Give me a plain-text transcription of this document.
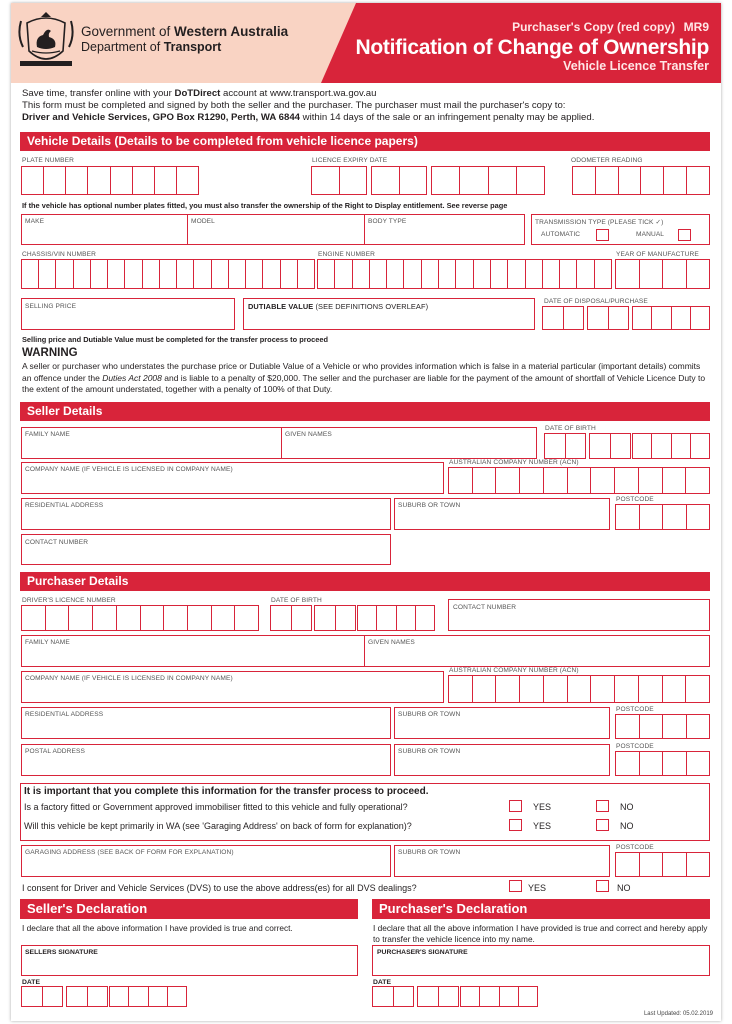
Government of Western Australia
Department of Transport
Purchaser's Copy (red copy) MR9
Notification of Change of Ownership
Vehicle Licence Transfer
Save time, transfer online with your DoTDirect account at www.transport.wa.gov.au
This form must be completed and signed by both the seller and the purchaser. The purchaser must mail the purchaser's copy to:
Driver and Vehicle Services, GPO Box R1290, Perth, WA 6844 within 14 days of the sale or an infringement penalty may be applied.
Vehicle Details (Details to be completed from vehicle licence papers)
PLATE NUMBER	LICENCE EXPIRY DATE	ODOMETER READING
If the vehicle has optional number plates fitted, you must also transfer the ownership of the Right to Display entitlement. See reverse page
MAKE	MODEL	BODY TYPE	TRANSMISSION TYPE (PLEASE TICK ✓)
AUTOMATIC	MANUAL
CHASSIS/VIN NUMBER	ENGINE NUMBER	YEAR OF MANUFACTURE
SELLING PRICE	DUTIABLE VALUE (SEE DEFINITIONS OVERLEAF)
DATE OF DISPOSAL/PURCHASE
Selling price and Dutiable Value must be completed for the transfer process to proceed
WARNING
A seller or purchaser who understates the purchase price or Dutiable Value of a Vehicle or who provides information which is false in a material particular (important details) commits an offence under the Duties Act 2008 and is liable to a penalty of $20,000. The seller and the purchaser are liable for the payment of the amount of shortfall of Vehicle Licence Duty to the extent of the amount understated, together with a penalty of 100% of that Duty.
Seller Details
FAMILY NAME	GIVEN NAMES
DATE OF BIRTH
COMPANY NAME (IF VEHICLE IS LICENSED IN COMPANY NAME)
AUSTRALIAN COMPANY NUMBER (ACN)
RESIDENTIAL ADDRESS	SUBURB OR TOWN
POSTCODE
CONTACT NUMBER
Purchaser Details
DRIVER'S LICENCE NUMBER	DATE OF BIRTH
CONTACT NUMBER
FAMILY NAME	GIVEN NAMES
COMPANY NAME (IF VEHICLE IS LICENSED IN COMPANY NAME)
AUSTRALIAN COMPANY NUMBER (ACN)
RESIDENTIAL ADDRESS	SUBURB OR TOWN
POSTCODE
POSTAL ADDRESS	SUBURB OR TOWN
POSTCODE
It is important that you complete this information for the transfer process to proceed.
Is a factory fitted or Government approved immobiliser fitted to this vehicle and fully operational?	YES	NO
Will this vehicle be kept primarily in WA (see 'Garaging Address' on back of form for explanation)?	YES	NO
GARAGING ADDRESS (SEE BACK OF FORM FOR EXPLANATION)	SUBURB OR TOWN
POSTCODE
I consent for Driver and Vehicle Services (DVS) to use the above address(es) for all DVS dealings?	YES	NO
Seller's Declaration	Purchaser's Declaration
I declare that all the above information I have provided is true and correct.	I declare that all the above information I have provided is true and correct and hereby apply to transfer the vehicle licence into my name.
SELLERS SIGNATURE	PURCHASER'S SIGNATURE
DATE	DATE
Last Updated: 05.02.2019
